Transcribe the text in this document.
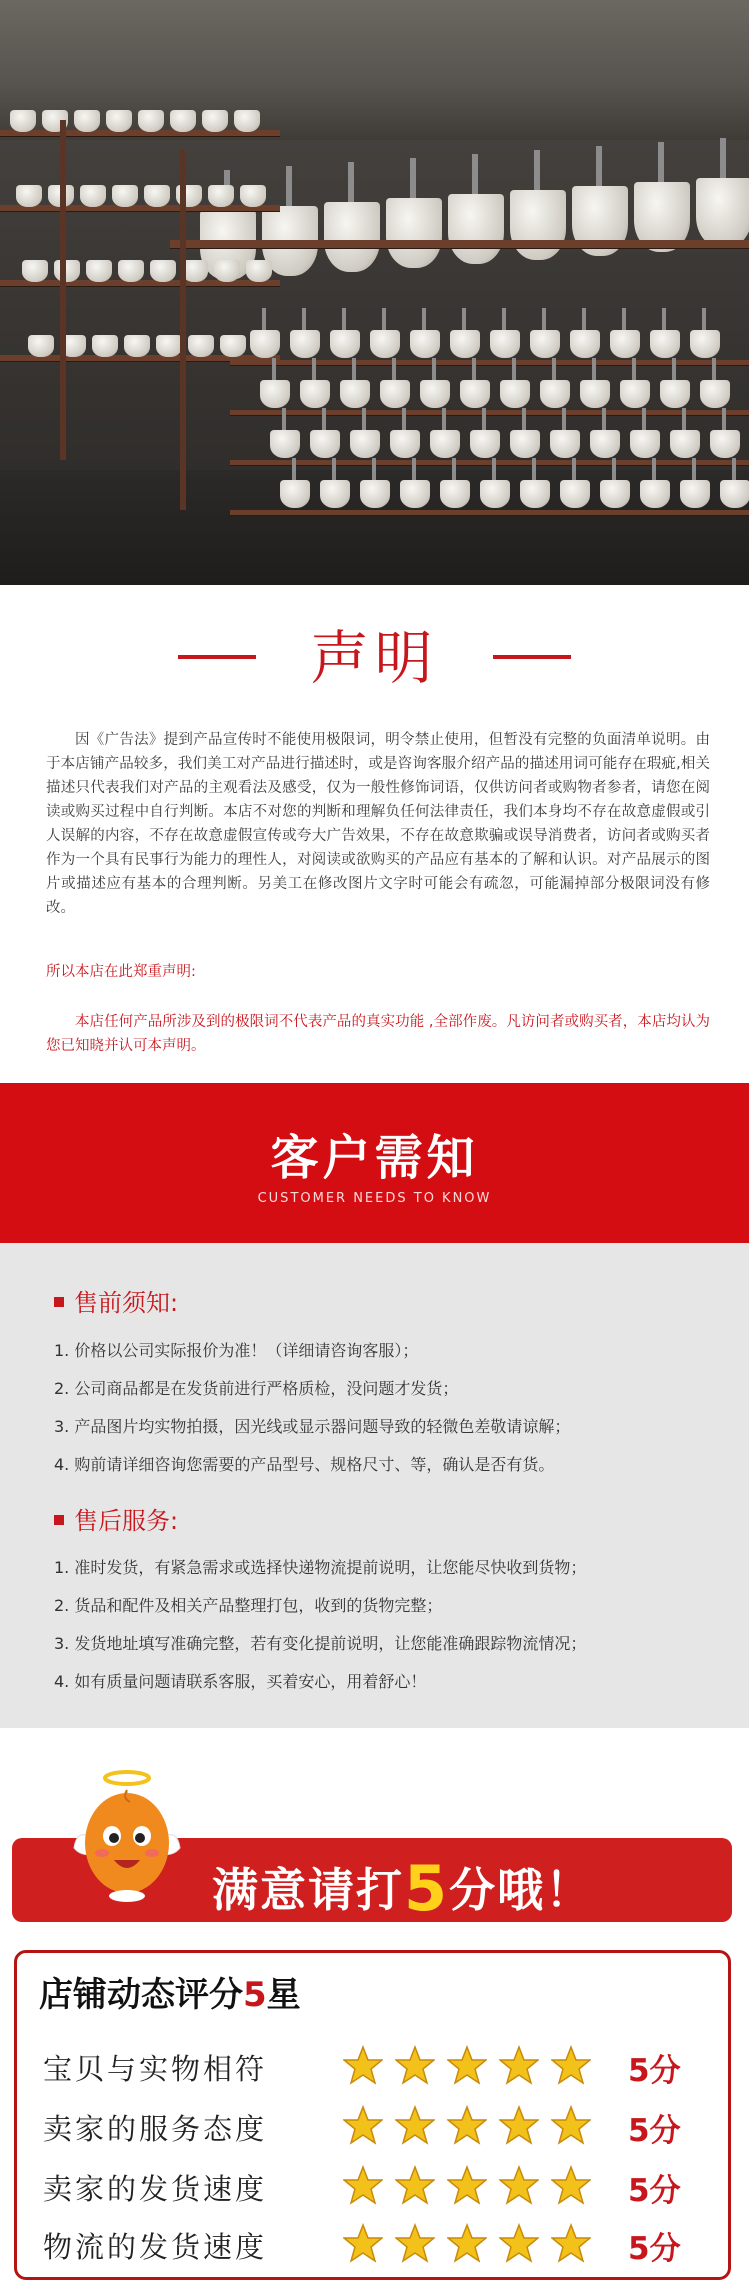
声明
因《广告法》提到产品宣传时不能使用极限词，明令禁止使用，但暂没有完整的负面清单说明。由于本店铺产品较多，我们美工对产品进行描述时，或是咨询客服介绍产品的描述用词可能存在瑕疵,相关描述只代表我们对产品的主观看法及感受，仅为一般性修饰词语，仅供访问者或购物者参者，请您在阅读或购买过程中自行判断。本店不对您的判断和理解负任何法律责任，我们本身均不存在故意虚假或引人误解的内容，不存在故意虚假宣传或夸大广告效果，不存在故意欺骗或误导消费者，访问者或购买者作为一个具有民事行为能力的理性人，对阅读或欲购买的产品应有基本的了解和认识。对产品展示的图片或描述应有基本的合理判断。另美工在修改图片文字时可能会有疏忽，可能漏掉部分极限词没有修改。
所以本店在此郑重声明:
本店任何产品所涉及到的极限词不代表产品的真实功能 ,全部作废。凡访问者或购买者，本店均认为您已知晓并认可本声明。
客户需知
CUSTOMER NEEDS TO KNOW
售前须知:
1. 价格以公司实际报价为准！（详细请咨询客服）；
2. 公司商品都是在发货前进行严格质检，没问题才发货；
3. 产品图片均实物拍摄，因光线或显示器问题导致的轻微色差敬请谅解；
4. 购前请详细咨询您需要的产品型号、规格尺寸、等，确认是否有货。
售后服务:
1. 准时发货，有紧急需求或选择快递物流提前说明，让您能尽快收到货物；
2. 货品和配件及相关产品整理打包，收到的货物完整；
3. 发货地址填写准确完整，若有变化提前说明，让您能准确跟踪物流情况；
4. 如有质量问题请联系客服，买着安心，用着舒心！
满意请打5分哦！
店铺动态评分5星
宝贝与实物相符	5分
卖家的服务态度	5分
卖家的发货速度	5分
物流的发货速度	5分
